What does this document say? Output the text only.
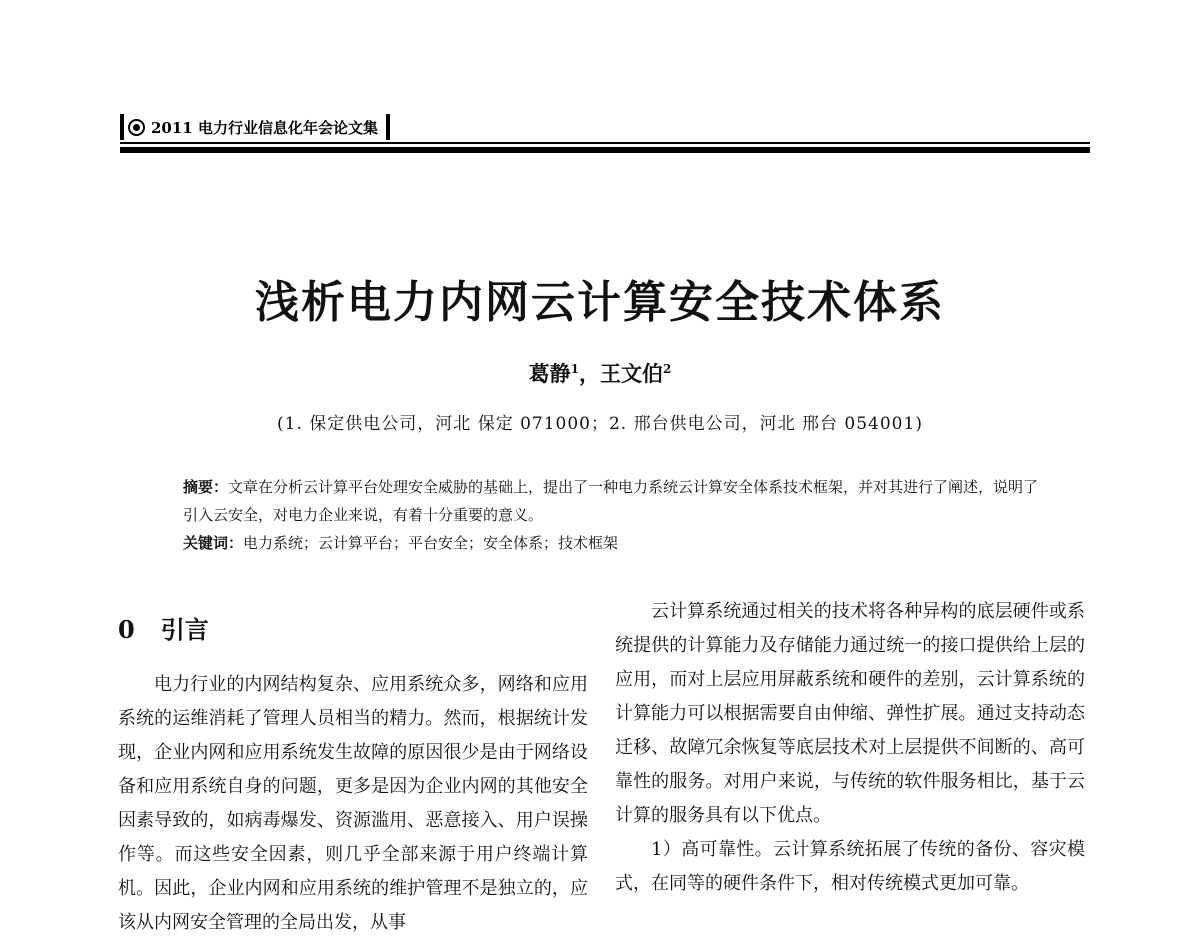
2011 电力行业信息化年会论文集
浅析电力内网云计算安全技术体系
葛静$^1$，王文伯$^2$
(1. 保定供电公司，河北 保定 071000；2. 邢台供电公司，河北 邢台 054001)
摘要：文章在分析云计算平台处理安全威胁的基础上，提出了一种电力系统云计算安全体系技术框架，并对其进行了阐述，说明了引入云安全，对电力企业来说，有着十分重要的意义。
关键词：电力系统；云计算平台；平台安全；安全体系；技术框架
0 引言

电力行业的内网结构复杂、应用系统众多，网络和应用系统的运维消耗了管理人员相当的精力。然而，根据统计发现，企业内网和应用系统发生故障的原因很少是由于网络设备和应用系统自身的问题，更多是因为企业内网的其他安全因素导致的，如病毒爆发、资源滥用、恶意接入、用户误操作等。而这些安全因素，则几乎全部来源于用户终端计算机。因此，企业内网和应用系统的维护管理不是独立的，应该从内网安全管理的全局出发，从事

云计算系统通过相关的技术将各种异构的底层硬件或系统提供的计算能力及存储能力通过统一的接口提供给上层的应用，而对上层应用屏蔽系统和硬件的差别，云计算系统的计算能力可以根据需要自由伸缩、弹性扩展。通过支持动态迁移、故障冗余恢复等底层技术对上层提供不间断的、高可靠性的服务。对用户来说，与传统的软件服务相比，基于云计算的服务具有以下优点。

1）高可靠性。云计算系统拓展了传统的备份、容灾模式，在同等的硬件条件下，相对传统模式更加可靠。
